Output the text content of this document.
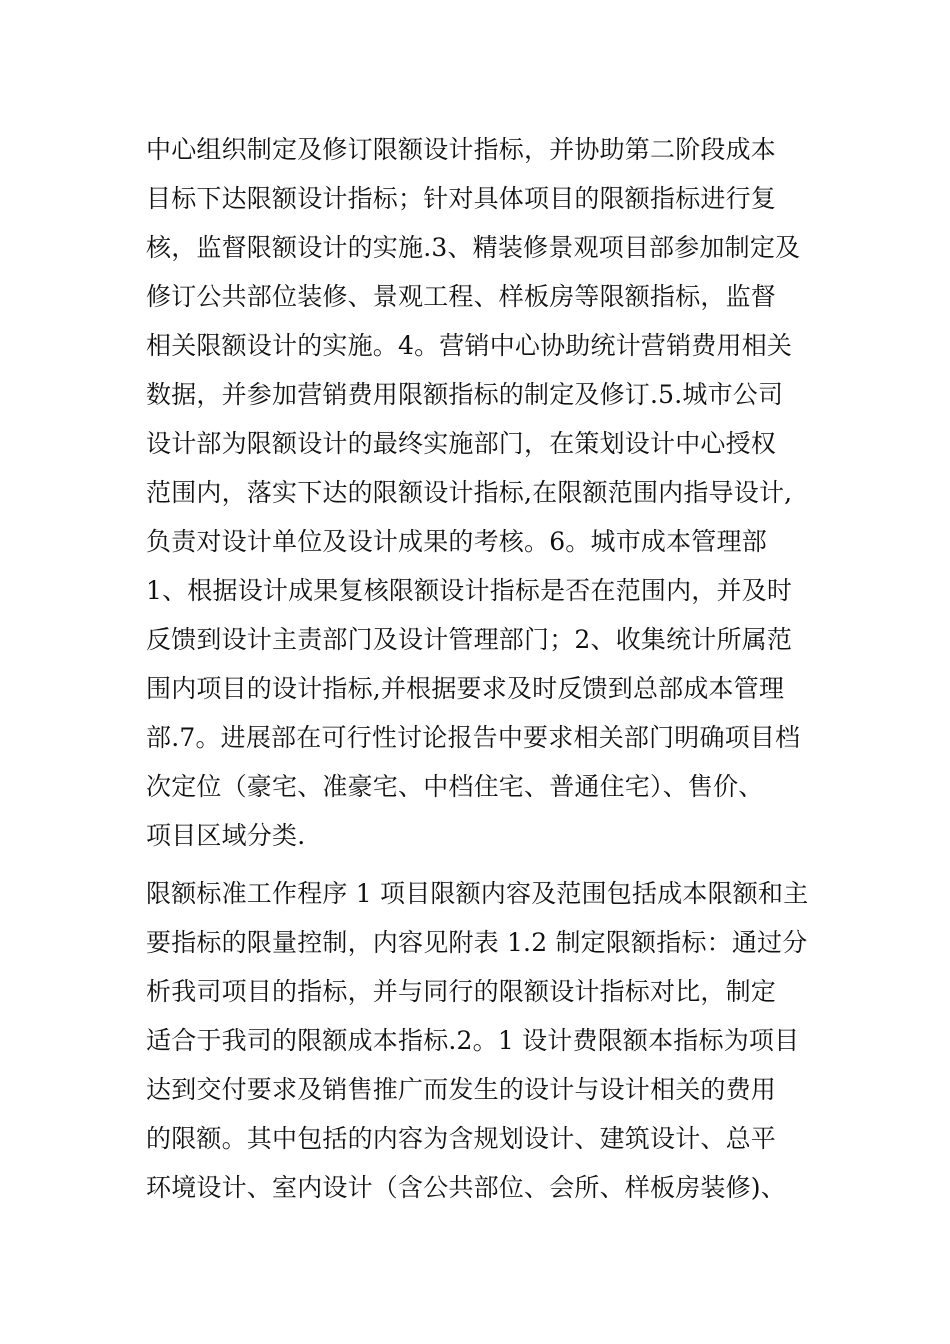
中心组织制定及修订限额设计指标，并协助第二阶段成本
目标下达限额设计指标；针对具体项目的限额指标进行复
核，监督限额设计的实施.3、精装修景观项目部参加制定及
修订公共部位装修、景观工程、样板房等限额指标，监督
相关限额设计的实施。4。营销中心协助统计营销费用相关
数据，并参加营销费用限额指标的制定及修订.5.城市公司
设计部为限额设计的最终实施部门，在策划设计中心授权
范围内，落实下达的限额设计指标,在限额范围内指导设计,
负责对设计单位及设计成果的考核。6。城市成本管理部
1、根据设计成果复核限额设计指标是否在范围内，并及时
反馈到设计主责部门及设计管理部门；2、收集统计所属范
围内项目的设计指标,并根据要求及时反馈到总部成本管理
部.7。进展部在可行性讨论报告中要求相关部门明确项目档
次定位（豪宅、准豪宅、中档住宅、普通住宅）、售价、
项目区域分类.
限额标准工作程序 1 项目限额内容及范围包括成本限额和主
要指标的限量控制，内容见附表 1.2 制定限额指标：通过分
析我司项目的指标，并与同行的限额设计指标对比，制定
适合于我司的限额成本指标.2。1 设计费限额本指标为项目
达到交付要求及销售推广而发生的设计与设计相关的费用
的限额。其中包括的内容为含规划设计、建筑设计、总平
环境设计、室内设计（含公共部位、会所、样板房装修)、
